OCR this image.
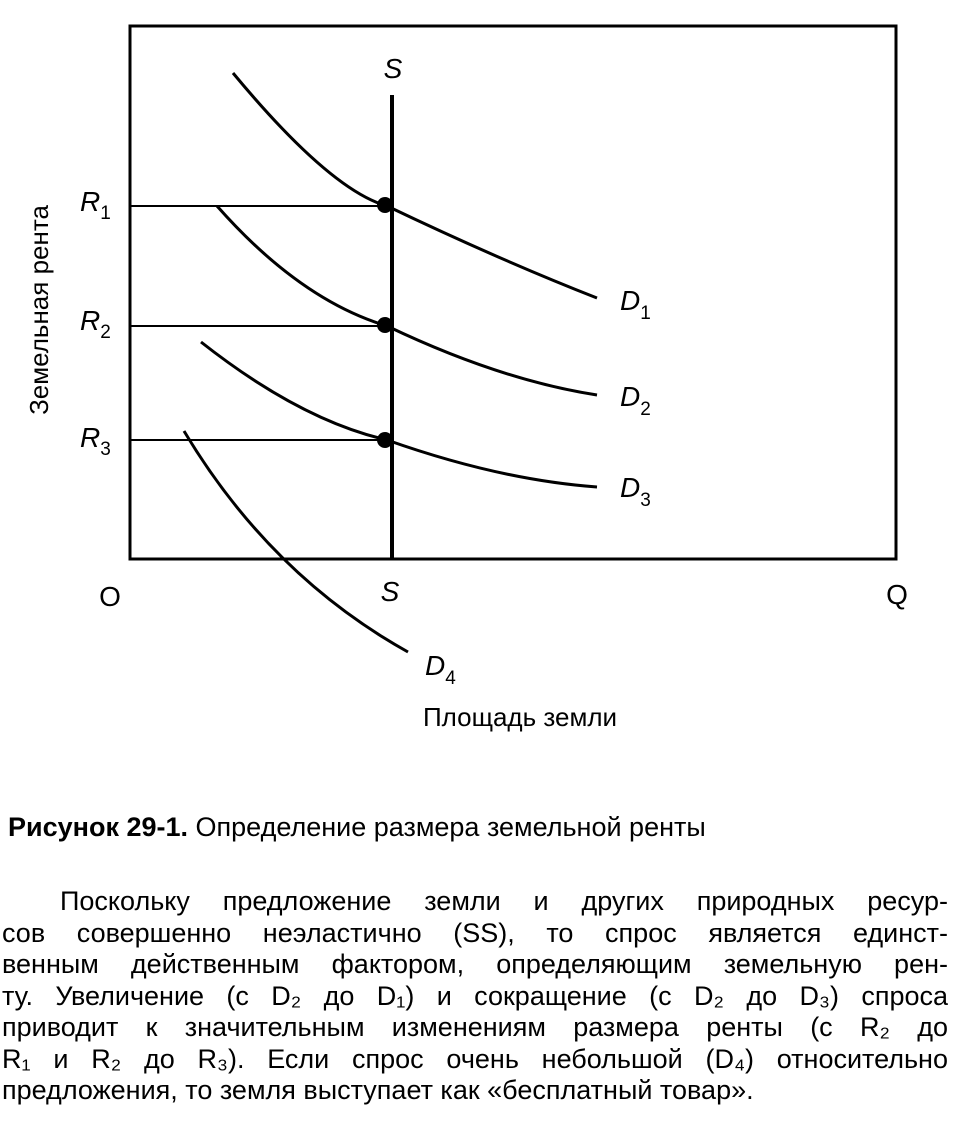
Земельная рента
S
S
O	Q
$R_1$
$R_2$
$R_3$
$D_1$
$D_2$
$D_3$
$D_4$
Площадь земли
Рисунок 29-1. Определение размера земельной ренты
Поскольку предложение земли и других природных ресур-
сов совершенно неэластично (SS), то спрос является единст-
венным действенным фактором, определяющим земельную рен-
ту. Увеличение (с D₂ до D₁) и сокращение (с D₂ до D₃) спроса
приводит к значительным изменениям размера ренты (с R₂ до
R₁ и R₂ до R₃). Если спрос очень небольшой (D₄) относительно
предложения, то земля выступает как «бесплатный товар».
